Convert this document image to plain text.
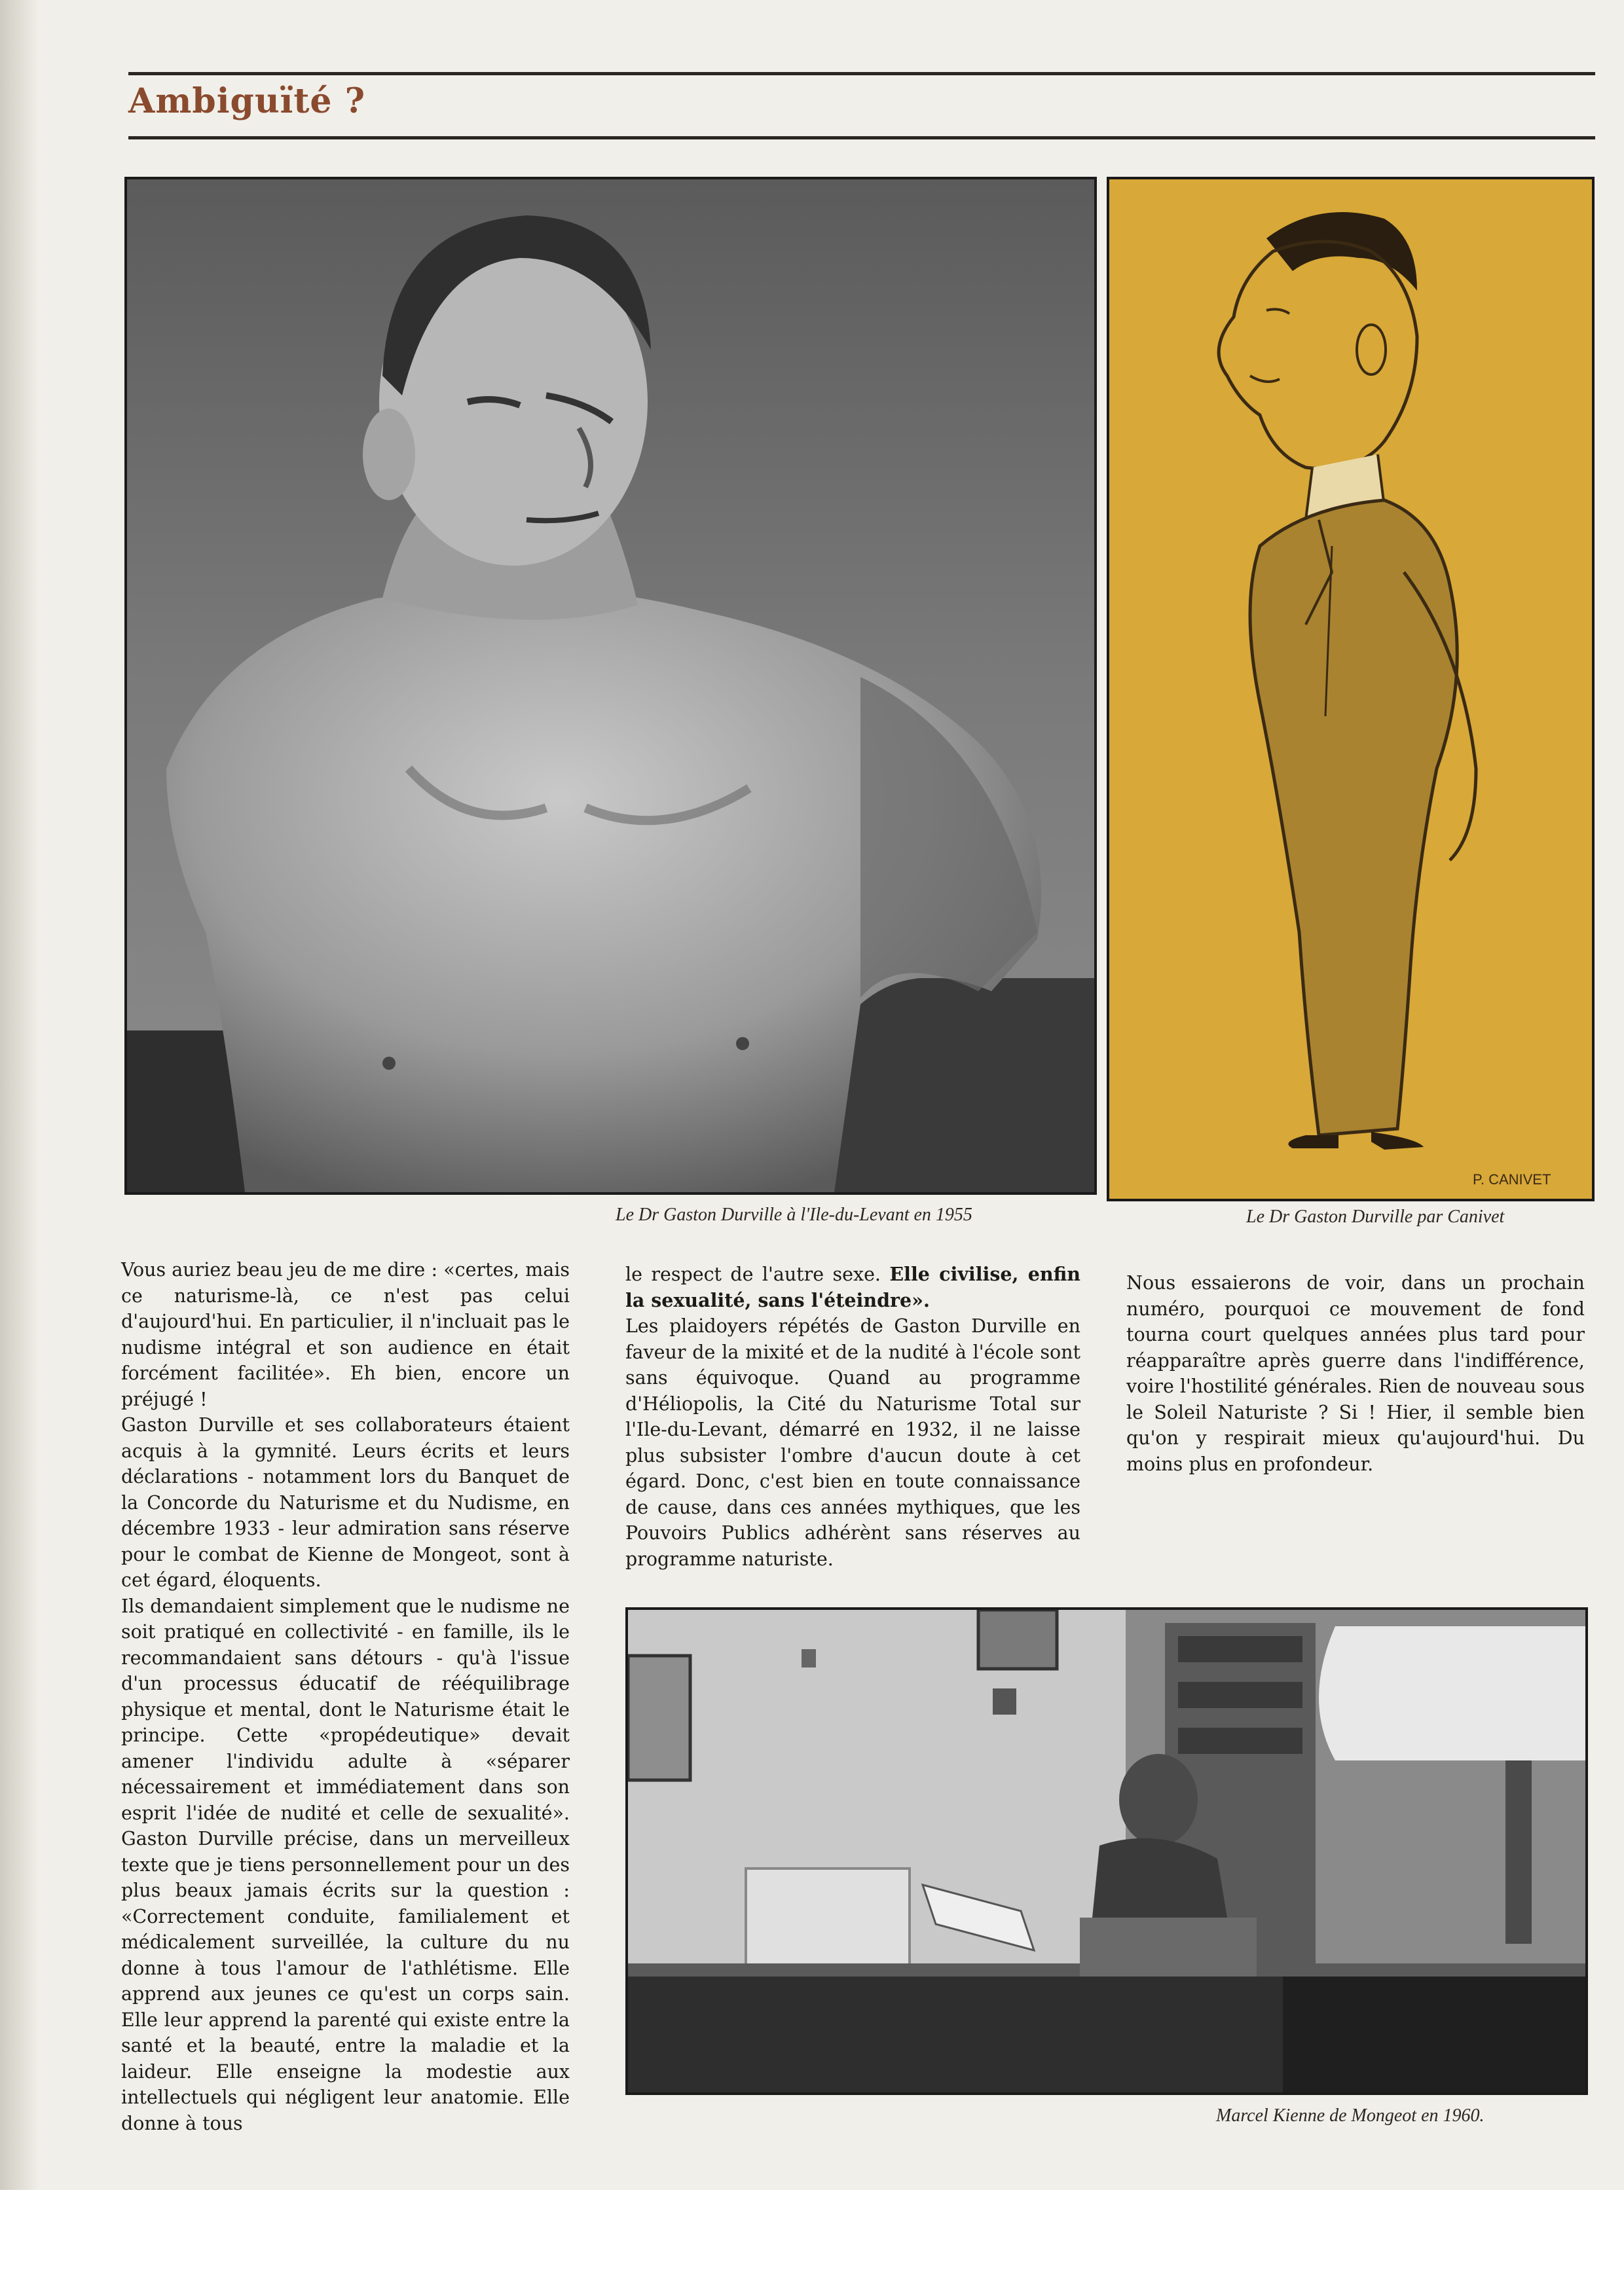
Ambiguïté ?
P. CANIVET
Le Dr Gaston Durville à l'Ile-du-Levant en 1955	Le Dr Gaston Durville par Canivet
Marcel Kienne de Mongeot en 1960.

Vous auriez beau jeu de me dire : «certes, mais ce naturisme-là, ce n'est pas celui d'aujourd'hui. En particulier, il n'incluait pas le nudisme intégral et son audience en était forcément facilitée». Eh bien, encore un préjugé !

Gaston Durville et ses collaborateurs étaient acquis à la gymnité. Leurs écrits et leurs déclarations - notamment lors du Banquet de la Concorde du Naturisme et du Nudisme, en décembre 1933 - leur admiration sans réserve pour le combat de Kienne de Mongeot, sont à cet égard, éloquents.

Ils demandaient simplement que le nudisme ne soit pratiqué en collectivité - en famille, ils le recommandaient sans détours - qu'à l'issue d'un processus éducatif de rééquilibrage physique et mental, dont le Naturisme était le principe. Cette «propédeutique» devait amener l'individu adulte à «séparer nécessairement et immédiatement dans son esprit l'idée de nudité et celle de sexualité». Gaston Durville précise, dans un merveilleux texte que je tiens personnellement pour un des plus beaux jamais écrits sur la question : «Correctement conduite, familialement et médicalement surveillée, la culture du nu donne à tous l'amour de l'athlétisme. Elle apprend aux jeunes ce qu'est un corps sain. Elle leur apprend la parenté qui existe entre la santé et la beauté, entre la maladie et la laideur. Elle enseigne la modestie aux intellectuels qui négligent leur anatomie. Elle donne à tous

le respect de l'autre sexe. Elle civilise, enfin la sexualité, sans l'éteindre».

Les plaidoyers répétés de Gaston Durville en faveur de la mixité et de la nudité à l'école sont sans équivoque. Quand au programme d'Héliopolis, la Cité du Naturisme Total sur l'Ile-du-Levant, démarré en 1932, il ne laisse plus subsister l'ombre d'aucun doute à cet égard. Donc, c'est bien en toute connaissance de cause, dans ces années mythiques, que les Pouvoirs Publics adhérènt sans réserves au programme naturiste.

Nous essaierons de voir, dans un prochain numéro, pourquoi ce mouvement de fond tourna court quelques années plus tard pour réapparaître après guerre dans l'indifférence, voire l'hostilité générales. Rien de nouveau sous le Soleil Naturiste ? Si ! Hier, il semble bien qu'on y respirait mieux qu'aujourd'hui. Du moins plus en profondeur.
